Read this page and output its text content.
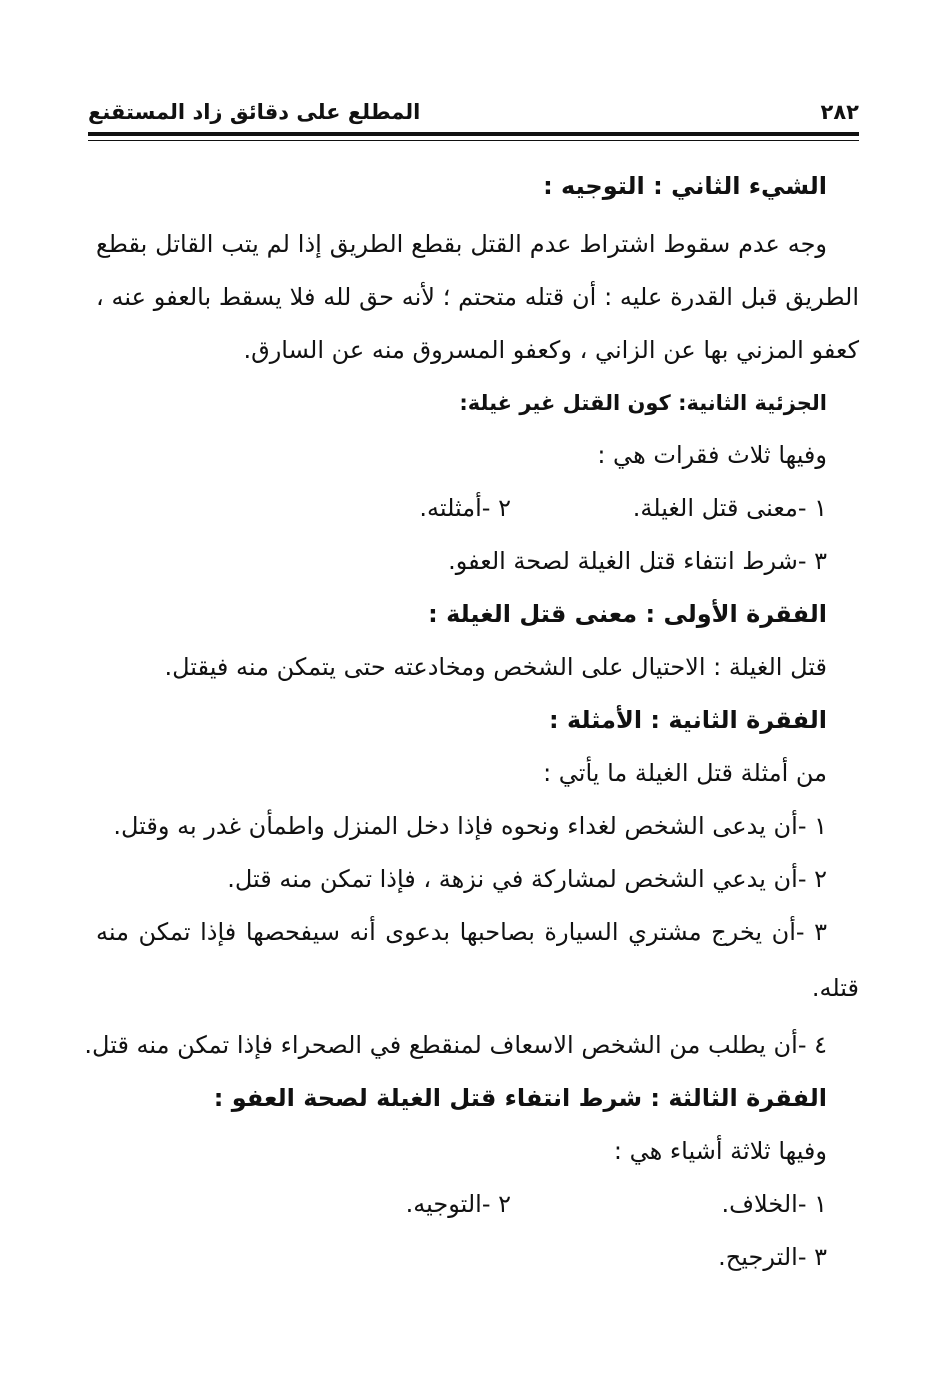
٢٨٢
المطلع على دقائق زاد المستقنع
الشيء الثاني : التوجيه :
وجه عدم سقوط اشتراط عدم القتل بقطع الطريق إذا لم يتب القاتل بقطع
الطريق قبل القدرة عليه : أن قتله متحتم ؛ لأنه حق لله فلا يسقط بالعفو عنه ،
كعفو المزني بها عن الزاني ، وكعفو المسروق منه عن السارق.
الجزئية الثانية: كون القتل غير غيلة:
وفيها ثلاث فقرات هي :
١ -معنى قتل الغيلة.
٢ -أمثلته.
٣ -شرط انتفاء قتل الغيلة لصحة العفو.
الفقرة الأولى : معنى قتل الغيلة :
قتل الغيلة : الاحتيال على الشخص ومخادعته حتى يتمكن منه فيقتل.
الفقرة الثانية : الأمثلة :
من أمثلة قتل الغيلة ما يأتي :
١ -أن يدعى الشخص لغداء ونحوه فإذا دخل المنزل واطمأن غدر به وقتل.
٢ -أن يدعي الشخص لمشاركة في نزهة ، فإذا تمكن منه قتل.
٣ -أن يخرج مشتري السيارة بصاحبها بدعوى أنه سيفحصها فإذا تمكن منه
قتله.
٤ -أن يطلب من الشخص الاسعاف لمنقطع في الصحراء فإذا تمكن منه قتل.
الفقرة الثالثة : شرط انتفاء قتل الغيلة لصحة العفو :
وفيها ثلاثة أشياء هي :
١ -الخلاف.
٢ -التوجيه.
٣ -الترجيح.
